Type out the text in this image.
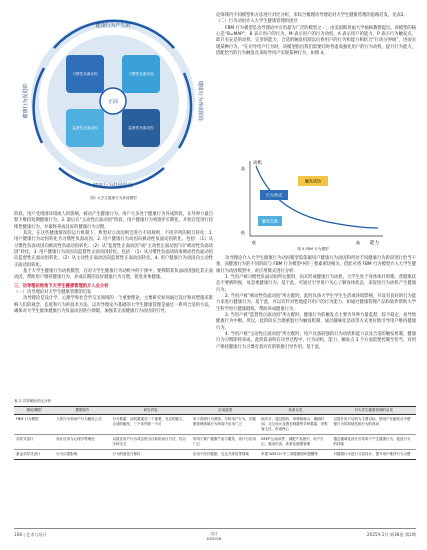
正面
习惯性负面动因	习惯性负面动因
监督性正面动因	监督性负面动因
健康行为产生阶
健康行为持续阶段
健康行为养成阶段
健康行为促进阶
图1 大学生健康行为养成模型
动机
能力
高
低
低	高
行为养成
触发成功
触发失败
图 4 FBM 行为模型

阶段。用户受周围环境或人的影响，被动产生健康行为。用户大多处于健康行为养成阶段，在外界力量自督下维持短期健康行为。3. 最后在“主动性正面动因”阶段，用户健康行为将逐步长期化，开始自觉进行持续性健康行为，并最终养成良好的健康行为习惯。

其次，在这些健康情况的运行机制下，典型对立动因则会进行不同规则、不同序列的相互转化：1. 用户健康行为动因转化为习惯性负面动因。2. 用户健康行为动因向被动性负面动因转化。包括：（1）从习惯性负面动因向被动性负面动因转化；（2）从“监督性正面动因”或“主动性正面动因”向“被动性负面动因”转化。3. 用户健康行为动因向监督性正面动因转化。包括：（1）从习惯性负面动因或被动性负面动因向监督性正面动因转化；（2）从主动性正面动因向监督性正面动因转化。4. 用户健康行为动因向主动性正面动因转化。

基于大学生健康行为动机模型，在对大学生健康行为动机中的干预中，要抑制其负面动因强化其正面动因，帮助用户维持健康行为，养成长期的良好健康行为习惯，促进身体健康。

三、功导理论视角下大学生健康管理的介入点分析

（一）功导理论对大学生健康管理的启发

功导理论是设计学、心理学和社会学交叉领域的一个重要理论，主要研究如何通过设计和高塑施来影响人们的观念、态度和行为的技术方法。以功导理论为基础的大学生健康管理是通过一系列合适的方法，确保对大学生群体健康行为负面动因进行抑制，加强其正面健康行为动因的引导。

论领域内不同模型和方法进行对比分析，来综合梳理功导理论对大学生健康管理的思路启发，见表2。

（二）行为动因介入大学生健康管理的途径

FBM 行为模型是功导理论中应用最为广泛的模型之一，由美国斯坦福大学福格教授提出。该模型的核心是“B=MAP”，B 表示用户的行为，M 表示用户的行为动机，A 表示用户的能力，P 表示行为触发点。即只有充足的动机、完善的能力，合适的触发机制以后将用户的行为和能力相结合“行动分界线”，进而实现某种行为。“在功导用户行为时，该模型指出我们需要同时考虑高强化用户的行为动机，提升行为能力，搭配恰当的行为触发点来助导用户实现某种行为，如图 4。

功导理论介入大学生健康行为动因模型需依据用户健康行为动因和所处不同健康行为阶段进行恰当干预，而健康行为的不同阶段与 FBM 行为模型中的三要素密切相关，借此可将 FBM 行为模型介入大学生健康行为动因模型中，对应用模式进行分析：

1. 当用户被习惯性负面动因所左配时，尚未形成健康行为动机，大学生处于身体体壮时期，普健康状态不要被明视，易忽视健康行为。基于此，可通过引导用户关心了解身体状态，来促进行为动机产生健康行为。

2. 当用户被“被动性负面动因”所左配时，此时具备大学生学生生活或环境影响，开设有良好的行为能力来进行健康行为。基于此，可以有针对性地提升用户的行为能力，如通过健康管理产品和软件帮助大学生科学进行健康锻炼，帮助养成健康行为。

3. 当用户被“监督性正面动因”所左配时，健康行为的触发点主要为外界力量监督，较不稳定，易导致健康行为中断。所以，此阶段应合理重置行为触发机制，通过趣味化活动等方式更好地引导用户维持健康行为。

4. 当用户被“主动性正面动因”所左配时，用户具备较强的行为动机和能力以及合适的触发机制，健康行为习惯即将养成。此阶段表明在功导过程中，行为动机、能力、触发点 3 个方面需要控制至恰当，对用户保持健康行为习惯有着应有的积极引导作用。基于此，

表 2 功导理论对比分析
理论/模型	模型简介	研究内容	应用范围	体系分类	对大学生健康管理的启发
FBM 行为模型	人的行为和用户行为触发公式	行为要素：动机要素各三个重要，充足的能力，合适的触发，三个条件缺一不可	用于说明行为准则，分析用户行为，在健康管理领域行为养成中应用广泛	拥多多、通过拥有、形势和暗示、兼顾时间、交互设计及感官刺激等多种要素，采集客人性，形成核心	以提升用户动机为主要目标，使用户在触发点中增强行为的持续性和行为的养成
劝导式设计	设计应用与心理学等理论	以改变用户行为或态度为目标的设计方法，结合多种交互	常用于推广健康产品与服务，设计与应用广泛	KEEP 运动软件、减肥产品指引、用户日记、健身饮食、体系化健康管理	通过趣味化设计引导用户产生健康行为，促进行为的持续
基金劝导式设计	行为反馈影响	行为的改变与保持	应用于医疗健康，交互式体验等领域	苹果 WATCH 中三项健康圆环提醒等	对健康行为进行分层设计，提升用户维持行为习惯
108 | 艺术与设计	设计
DESIGN
2025年1月 第38卷 第2期
